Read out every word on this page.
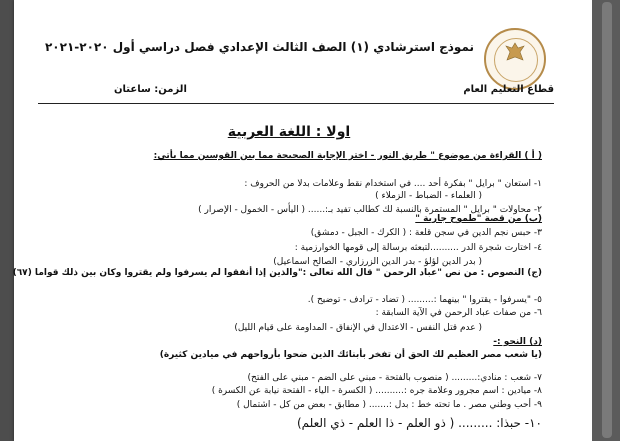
نموذج استرشادي (١) الصف الثالث الإعدادي فصل دراسي أول ٢٠٢٠-٢٠٢١
قطاع التعليم العام
الزمن: ساعتان
اولا : اللغة العربية
( أ ) القراءة من موضوع " طريق النور - اختر الإجابة الصحيحة مما بين القوسين مما يأتي:
١- استعان " برايل " بفكرة أحد .... في استخدام نقط وعلامات بدلا من الحروف :
( العلماء - الضباط - الزملاء )
٢- محاولات " برايل " المستمرة بالنسبة لك كطالب تفيد بـ:...... ( اليأس - الخمول - الإصرار )
(ب) من قصة "طموح جارية "
٣- حبس نجم الدين في سجن قلعة : ( الكرك - الجبل - دمشق)
٤- اختارت شجرة الدر ..........لتبعثه برسالة إلى قومها الخوارزمية :
( بدر الدين لؤلؤ - بدر الدين الزرزاري - الصالح اسماعيل)
(ج) النصوص : من نص "عباد الرحمن " قال الله تعالى :"والذين إذا أنفقوا لم يسرفوا ولم يقتروا وكان بين ذلك قواما (٦٧)
٥- "يسرفوا - يقتروا " بينهما :......... ( تضاد - ترادف - توضيح ).
٦- من صفات عباد الرحمن في الآية السابقة :
( عدم قتل النفس - الاعتدال في الإنفاق - المداومة على قيام الليل)
(د) النحو :-
(يا شعب مصر العظيم لك الحق أن تفخر بأبنائك الذين ضحوا بأرواحهم في ميادين كثيرة)
٧- شعب : منادي:......... ( منصوب بالفتحة - مبني على الضم - مبني على الفتح)
٨- ميادين : اسم مجرور وعلامة جره :.......... ( الكسرة - الياء - الفتحة نيابة عن الكسرة )
٩- أحب وطني مصر . ما تحته خط : بدل :....... ( مطابق - بعض من كل - اشتمال )
١٠- حبذا: ......... ( ذو العلم - ذا العلم - ذي العلم)
